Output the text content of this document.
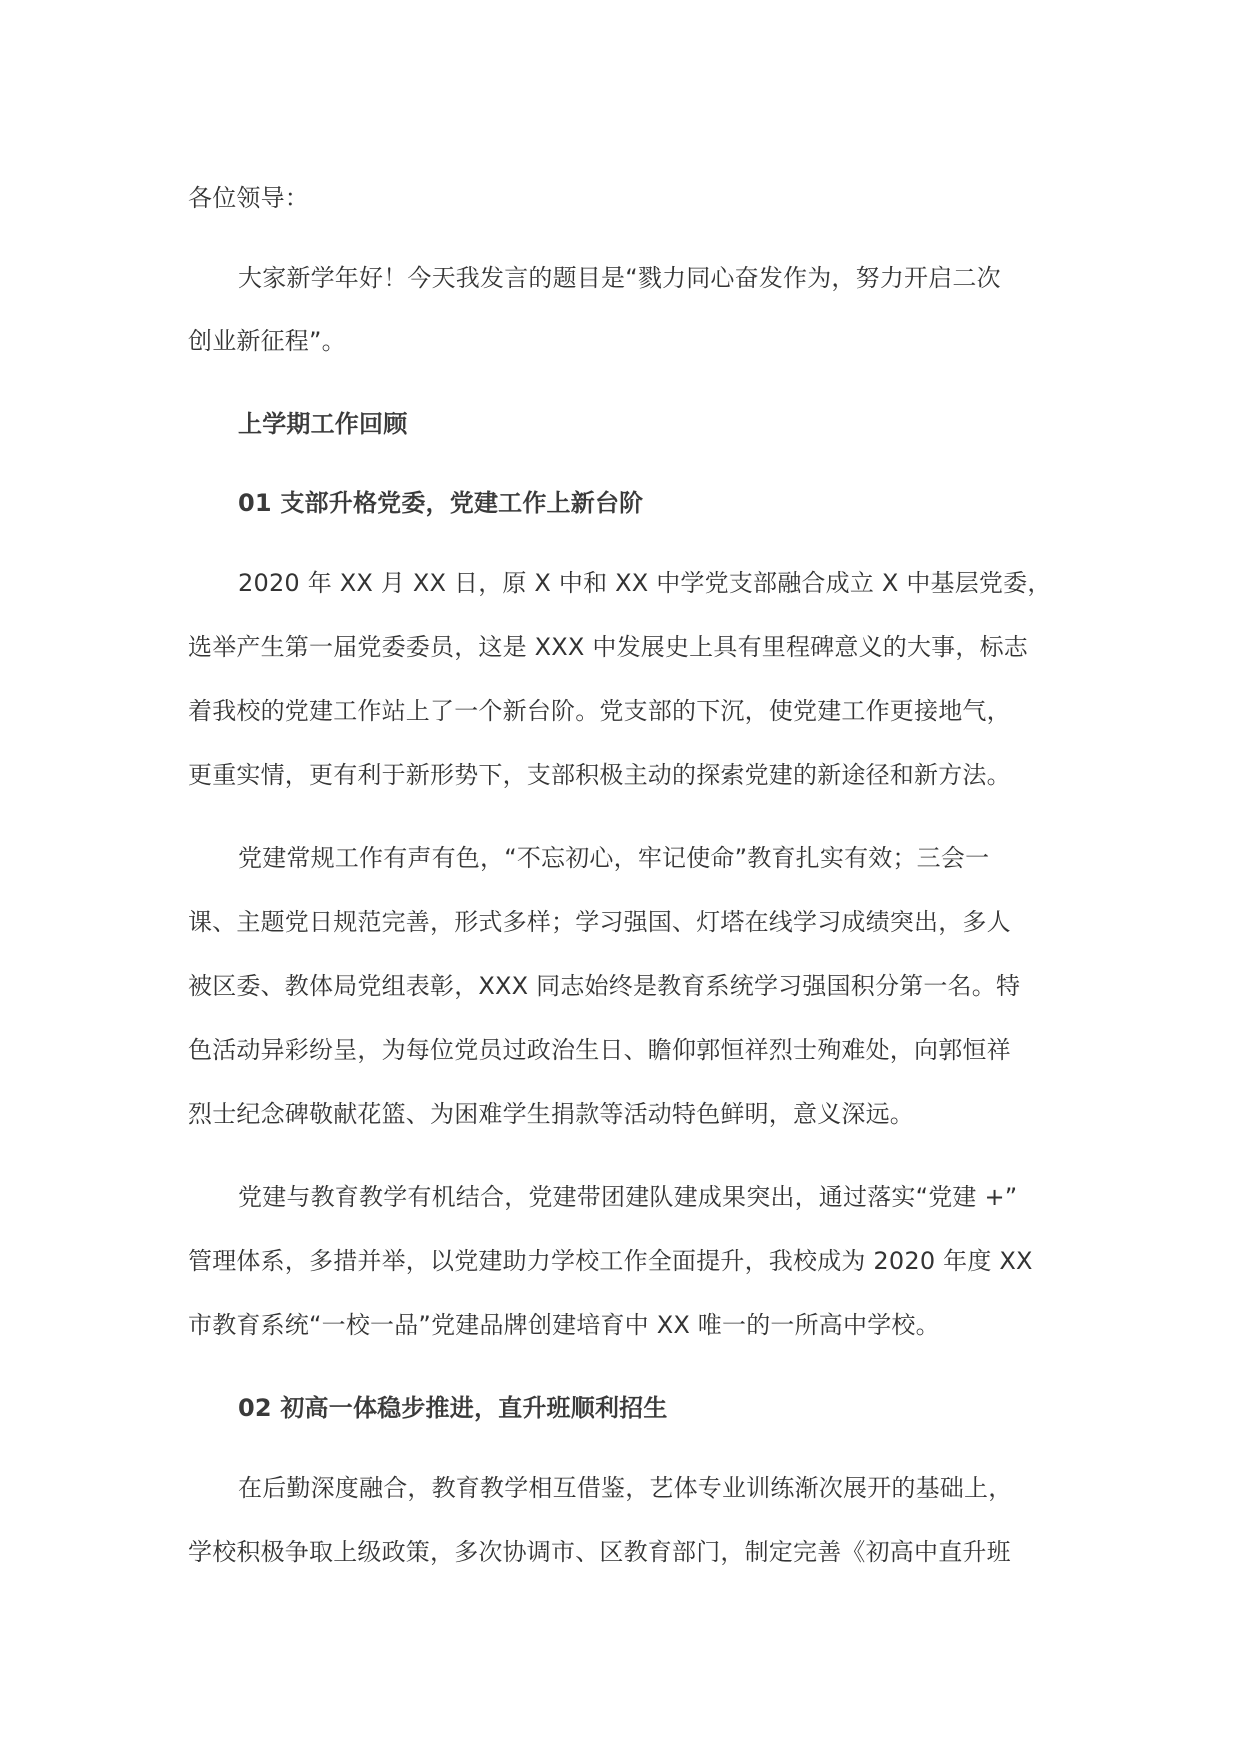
各位领导：
大家新学年好！今天我发言的题目是“戮力同心奋发作为，努力开启二次
创业新征程”。
上学期工作回顾
01 支部升格党委，党建工作上新台阶
2020 年 XX 月 XX 日，原 X 中和 XX 中学党支部融合成立 X 中基层党委，
选举产生第一届党委委员，这是 XXX 中发展史上具有里程碑意义的大事，标志
着我校的党建工作站上了一个新台阶。党支部的下沉，使党建工作更接地气，
更重实情，更有利于新形势下，支部积极主动的探索党建的新途径和新方法。
党建常规工作有声有色，“不忘初心，牢记使命”教育扎实有效；三会一
课、主题党日规范完善，形式多样；学习强国、灯塔在线学习成绩突出，多人
被区委、教体局党组表彰，XXX 同志始终是教育系统学习强国积分第一名。特
色活动异彩纷呈，为每位党员过政治生日、瞻仰郭恒祥烈士殉难处，向郭恒祥
烈士纪念碑敬献花篮、为困难学生捐款等活动特色鲜明，意义深远。
党建与教育教学有机结合，党建带团建队建成果突出，通过落实“党建 +”
管理体系，多措并举，以党建助力学校工作全面提升，我校成为 2020 年度 XX
市教育系统“一校一品”党建品牌创建培育中 XX 唯一的一所高中学校。
02 初高一体稳步推进，直升班顺利招生
在后勤深度融合，教育教学相互借鉴，艺体专业训练渐次展开的基础上，
学校积极争取上级政策，多次协调市、区教育部门，制定完善《初高中直升班
